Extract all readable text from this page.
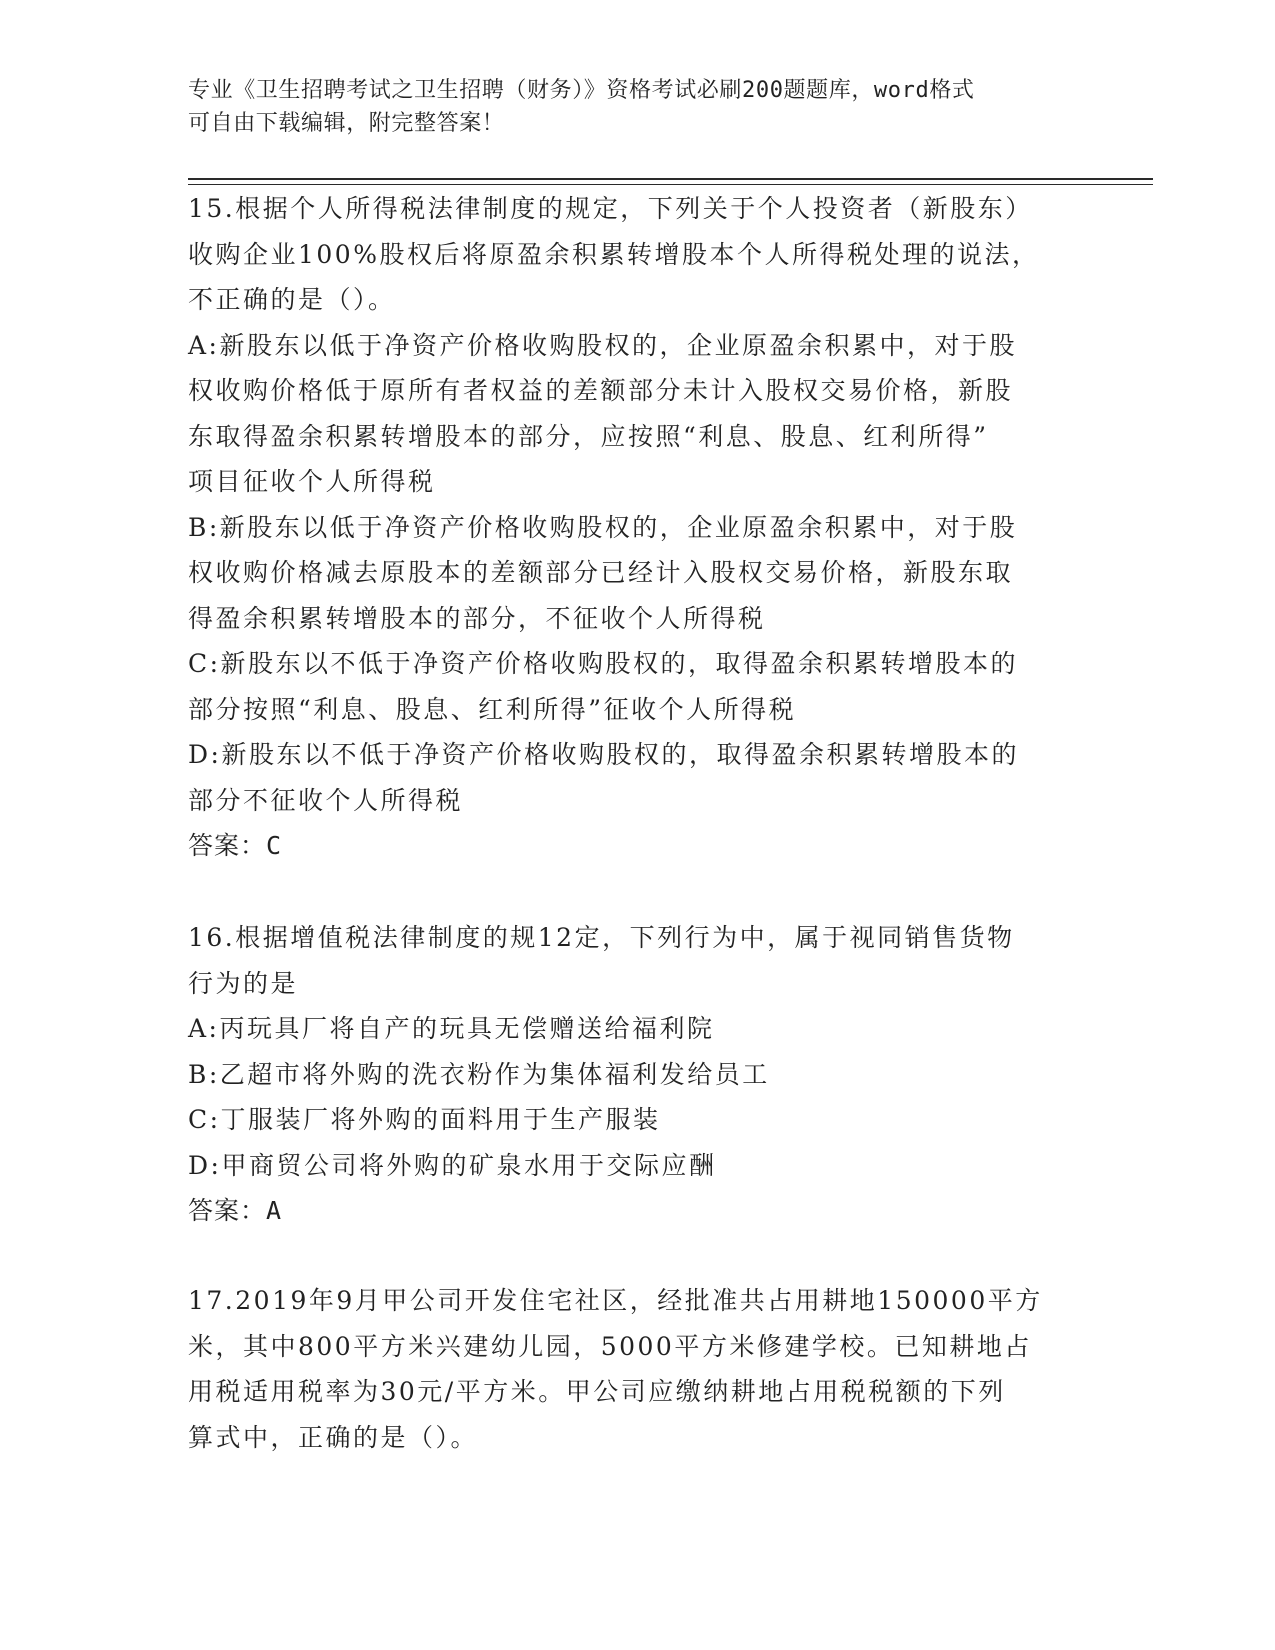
专业《卫生招聘考试之卫生招聘（财务）》资格考试必刷200题题库，word格式
可自由下载编辑，附完整答案！
15.根据个人所得税法律制度的规定，下列关于个人投资者（新股东）
收购企业100%股权后将原盈余积累转增股本个人所得税处理的说法，
不正确的是（）。
A:新股东以低于净资产价格收购股权的，企业原盈余积累中，对于股
权收购价格低于原所有者权益的差额部分未计入股权交易价格，新股
东取得盈余积累转增股本的部分，应按照“利息、股息、红利所得”
项目征收个人所得税
B:新股东以低于净资产价格收购股权的，企业原盈余积累中，对于股
权收购价格减去原股本的差额部分已经计入股权交易价格，新股东取
得盈余积累转增股本的部分，不征收个人所得税
C:新股东以不低于净资产价格收购股权的，取得盈余积累转增股本的
部分按照“利息、股息、红利所得”征收个人所得税
D:新股东以不低于净资产价格收购股权的，取得盈余积累转增股本的
部分不征收个人所得税
答案：C
16.根据增值税法律制度的规12定，下列行为中，属于视同销售货物
行为的是
A:丙玩具厂将自产的玩具无偿赠送给福利院
B:乙超市将外购的洗衣粉作为集体福利发给员工
C:丁服装厂将外购的面料用于生产服装
D:甲商贸公司将外购的矿泉水用于交际应酬
答案：A
17.2019年9月甲公司开发住宅社区，经批准共占用耕地150000平方
米，其中800平方米兴建幼儿园，5000平方米修建学校。已知耕地占
用税适用税率为30元/平方米。甲公司应缴纳耕地占用税税额的下列
算式中，正确的是（）。
